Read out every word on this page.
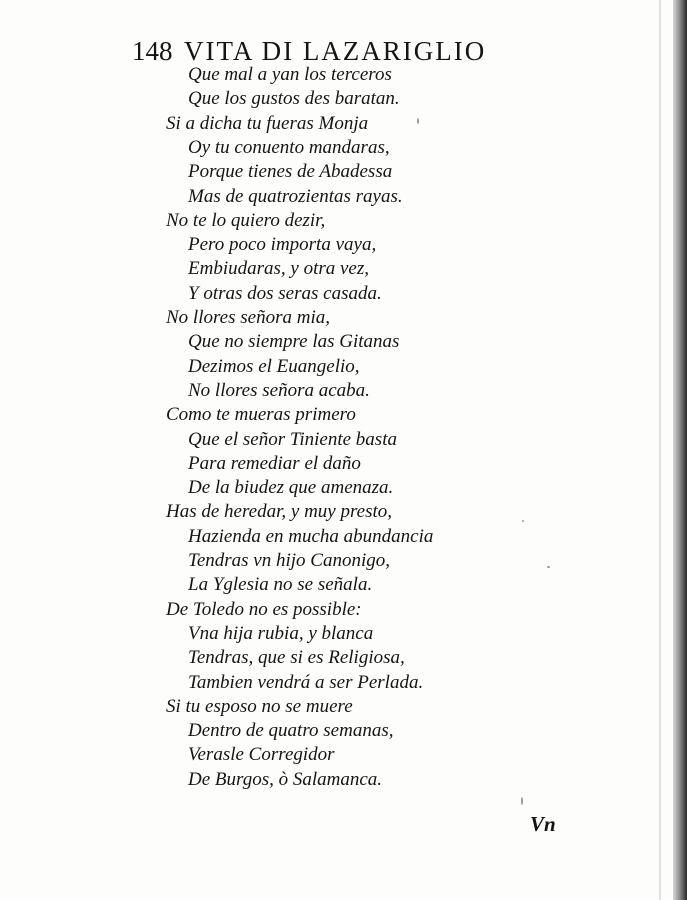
148 VITA DI LAZARIGLIO
Que mal a yan los terceros
Que los gustos des baratan.
Si a dicha tu fueras Monja
Oy tu conuento mandaras,
Porque tienes de Abadessa
Mas de quatrozientas rayas.
No te lo quiero dezir,
Pero poco importa vaya,
Embiudaras, y otra vez,
Y otras dos seras casada.
No llores señora mia,
Que no siempre las Gitanas
Dezimos el Euangelio,
No llores señora acaba.
Como te mueras primero
Que el señor Tiniente basta
Para remediar el daño
De la biudez que amenaza.
Has de heredar, y muy presto,
Hazienda en mucha abundancia
Tendras vn hijo Canonigo,
La Yglesia no se señala.
De Toledo no es possible:
Vna hija rubia, y blanca
Tendras, que si es Religiosa,
Tambien vendrá a ser Perlada.
Si tu esposo no se muere
Dentro de quatro semanas,
Verasle Corregidor
De Burgos, ò Salamanca.
Vn
